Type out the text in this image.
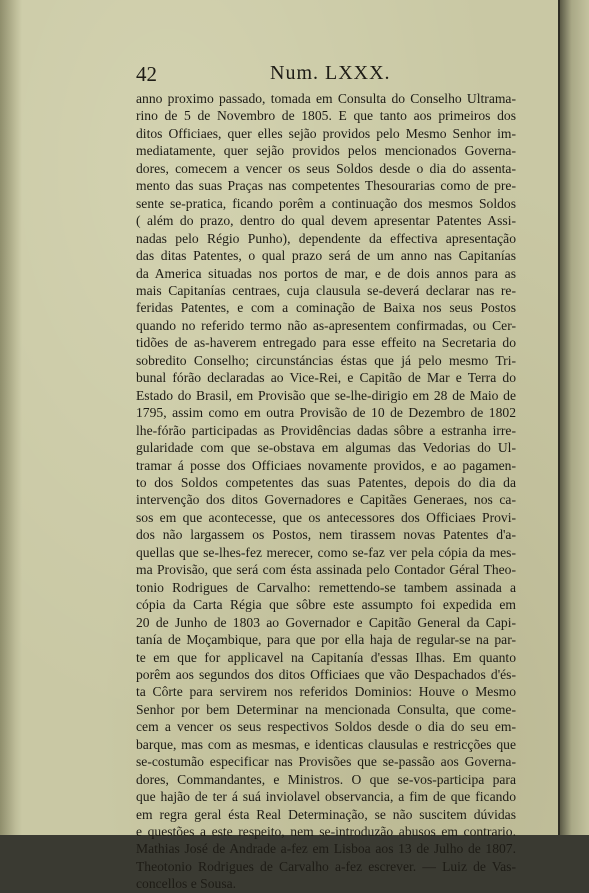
42	Num. LXXX.
anno proximo passado, tomada em Consulta do Conselho Ultrama-
rino de 5 de Novembro de 1805. E que tanto aos primeiros dos
ditos Officiaes, quer elles sejão providos pelo Mesmo Senhor im-
mediatamente, quer sejão providos pelos mencionados Governa-
dores, comecem a vencer os seus Soldos desde o dia do assenta-
mento das suas Praças nas competentes Thesourarias como de pre-
sente se-pratica, ficando porêm a continuação dos mesmos Soldos
( além do prazo, dentro do qual devem apresentar Patentes Assi-
nadas pelo Régio Punho), dependente da effectiva apresentação
das ditas Patentes, o qual prazo será de um anno nas Capitanías
da America situadas nos portos de mar, e de dois annos para as
mais Capitanías centraes, cuja clausula se-deverá declarar nas re-
feridas Patentes, e com a cominação de Baixa nos seus Postos
quando no referido termo não as-apresentem confirmadas, ou Cer-
tidões de as-haverem entregado para esse effeito na Secretaria do
sobredito Conselho; circunstáncias éstas que já pelo mesmo Tri-
bunal fórão declaradas ao Vice-Rei, e Capitão de Mar e Terra do
Estado do Brasil, em Provisão que se-lhe-dirigio em 28 de Maio de
1795, assim como em outra Provisão de 10 de Dezembro de 1802
lhe-fórão participadas as Providências dadas sôbre a estranha irre-
gularidade com que se-obstava em algumas das Vedorias do Ul-
tramar á posse dos Officiaes novamente providos, e ao pagamen-
to dos Soldos competentes das suas Patentes, depois do dia da
intervenção dos ditos Governadores e Capitães Generaes, nos ca-
sos em que acontecesse, que os antecessores dos Officiaes Provi-
dos não largassem os Postos, nem tirassem novas Patentes d'a-
quellas que se-lhes-fez merecer, como se-faz ver pela cópia da mes-
ma Provisão, que será com ésta assinada pelo Contador Géral Theo-
tonio Rodrigues de Carvalho: remettendo-se tambem assinada a
cópia da Carta Régia que sôbre este assumpto foi expedida em
20 de Junho de 1803 ao Governador e Capitão General da Capi-
tanía de Moçambique, para que por ella haja de regular-se na par-
te em que for applicavel na Capitanía d'essas Ilhas. Em quanto
porêm aos segundos dos ditos Officiaes que vão Despachados d'és-
ta Côrte para servirem nos referidos Dominios: Houve o Mesmo
Senhor por bem Determinar na mencionada Consulta, que come-
cem a vencer os seus respectivos Soldos desde o dia do seu em-
barque, mas com as mesmas, e identicas clausulas e restricções que
se-costumão especificar nas Provisões que se-passão aos Governa-
dores, Commandantes, e Ministros. O que se-vos-participa para
que hajão de ter á suá inviolavel observancia, a fim de que ficando
em regra geral ésta Real Determinação, se não suscitem dúvidas
e questões a este respeito, nem se-introduzão abusos em contrario.
Mathias José de Andrade a-fez em Lisboa aos 13 de Julho de 1807.
Theotonio Rodrigues de Carvalho a-fez escrever. — Luiz de Vas-
concellos e Sousa.
